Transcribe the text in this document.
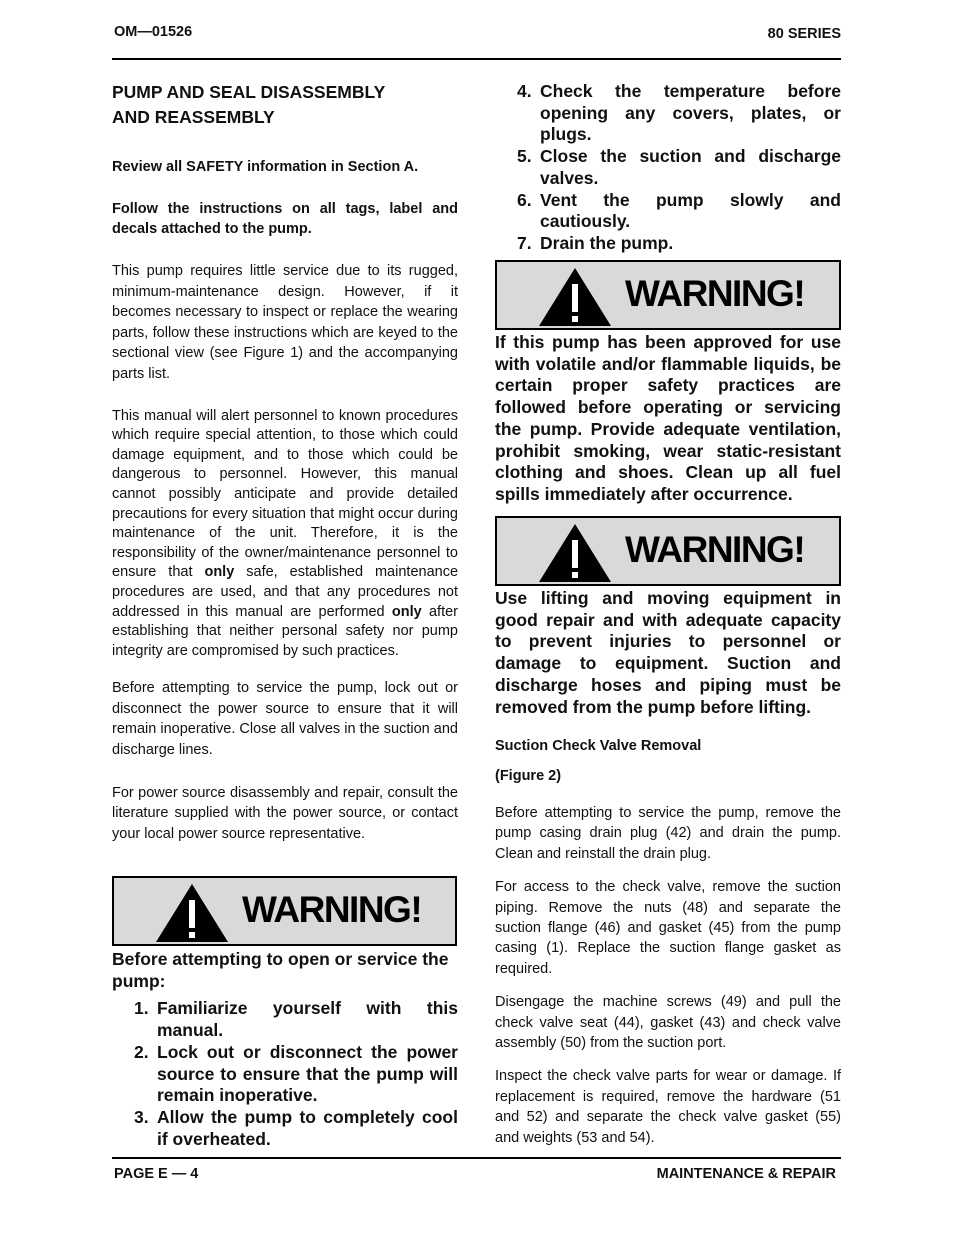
OM—01526	80 SERIES

PUMP AND SEAL DISASSEMBLY
AND REASSEMBLY

Review all SAFETY information in Section A.

Follow the instructions on all tags, label and decals attached to the pump.

This pump requires little service due to its rugged, minimum-maintenance design. However, if it becomes necessary to inspect or replace the wearing parts, follow these instructions which are keyed to the sectional view (see Figure 1) and the accompanying parts list.

This manual will alert personnel to known procedures which require special attention, to those which could damage equipment, and to those which could be dangerous to personnel. However, this manual cannot possibly anticipate and provide detailed precautions for every situation that might occur during maintenance of the unit. Therefore, it is the responsibility of the owner/maintenance personnel to ensure that only safe, established maintenance procedures are used, and that any procedures not addressed in this manual are performed only after establishing that neither personal safety nor pump integrity are compromised by such practices.

Before attempting to service the pump, lock out or disconnect the power source to ensure that it will remain inoperative. Close all valves in the suction and discharge lines.

For power source disassembly and repair, consult the literature supplied with the power source, or contact your local power source representative.

WARNING!

Before attempting to open or service the pump:

1. Familiarize yourself with this manual.
2. Lock out or disconnect the power source to ensure that the pump will remain inoperative.
3. Allow the pump to completely cool if overheated.
4. Check the temperature before opening any covers, plates, or plugs.
5. Close the suction and discharge valves.
6. Vent the pump slowly and cautiously.
7. Drain the pump.
WARNING!

If this pump has been approved for use with volatile and/or flammable liquids, be certain proper safety practices are followed before operating or servicing the pump. Provide adequate ventilation, prohibit smoking, wear static-resistant clothing and shoes. Clean up all fuel spills immediately after occurrence.

WARNING!

Use lifting and moving equipment in good repair and with adequate capacity to prevent injuries to personnel or damage to equipment. Suction and discharge hoses and piping must be removed from the pump before lifting.

Suction Check Valve Removal

(Figure 2)

Before attempting to service the pump, remove the pump casing drain plug (42) and drain the pump. Clean and reinstall the drain plug.

For access to the check valve, remove the suction piping. Remove the nuts (48) and separate the suction flange (46) and gasket (45) from the pump casing (1). Replace the suction flange gasket as required.

Disengage the machine screws (49) and pull the check valve seat (44), gasket (43) and check valve assembly (50) from the suction port.

Inspect the check valve parts for wear or damage. If replacement is required, remove the hardware (51 and 52) and separate the check valve gasket (55) and weights (53 and 54).

PAGE E — 4	MAINTENANCE & REPAIR
